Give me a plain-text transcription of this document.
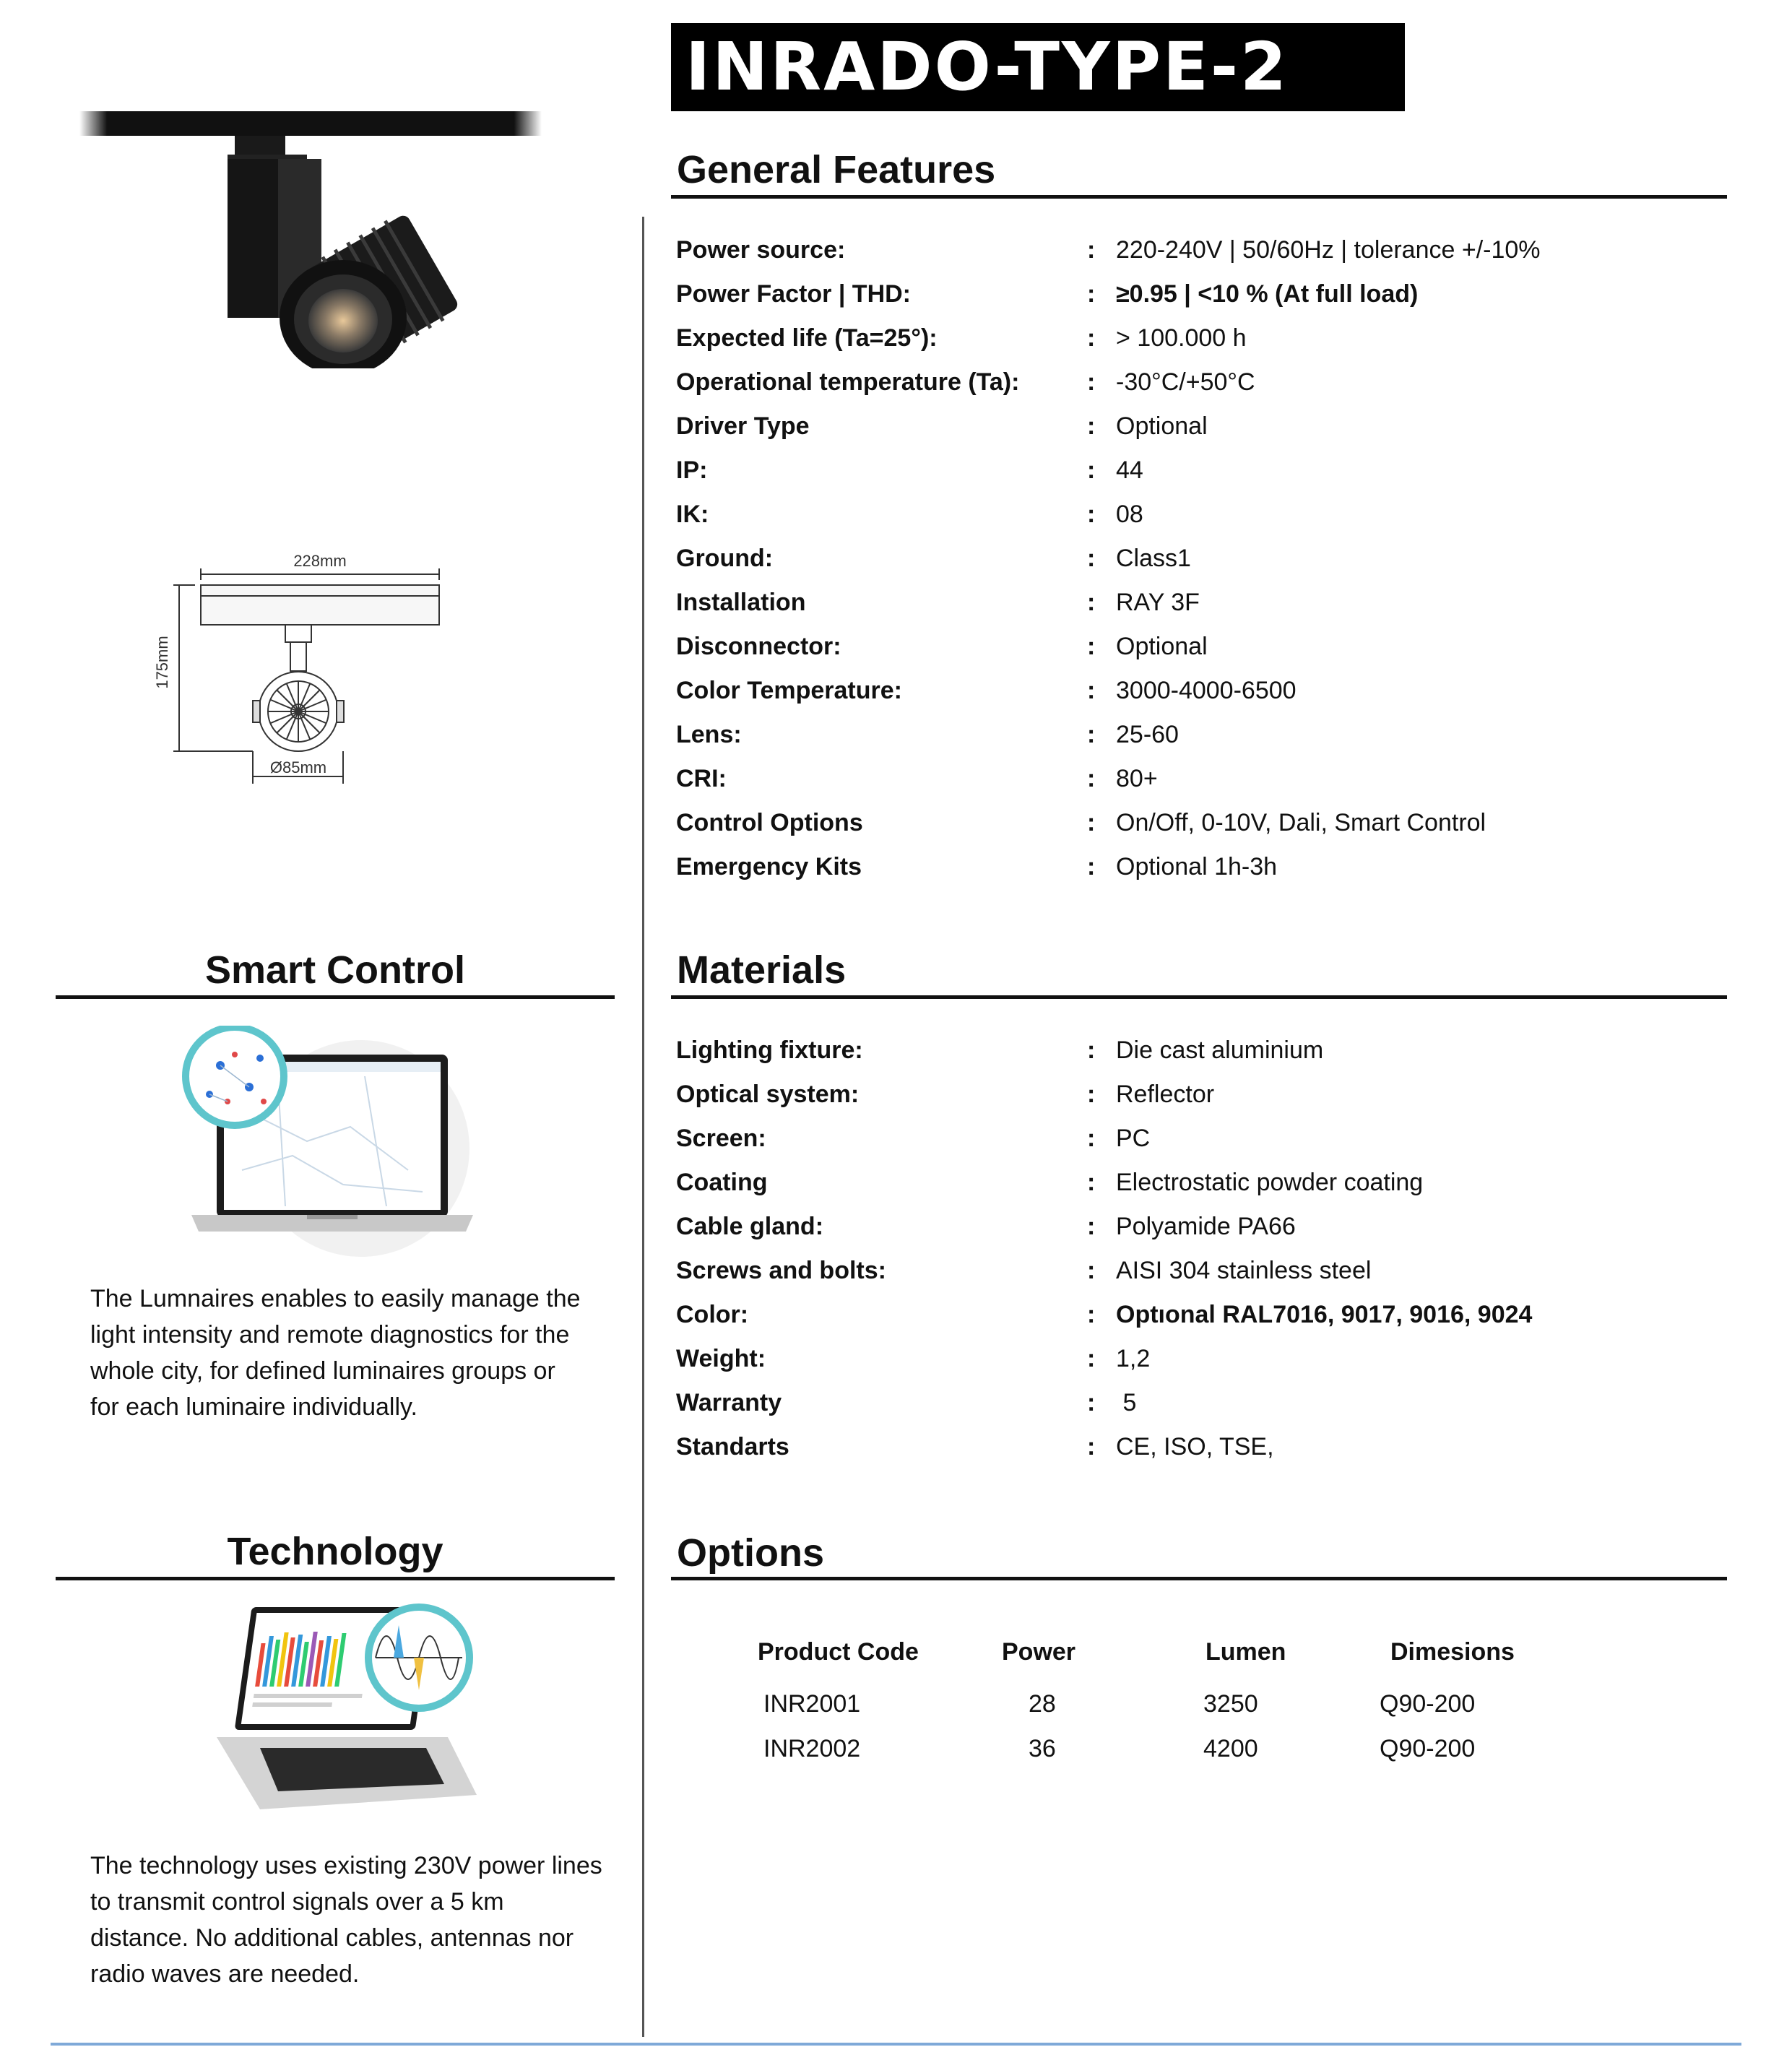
INRADO-TYPE-2
228mm
175mm
Ø85mm
General Features
Power source:	: 220-240V | 50/60Hz | tolerance +/-10%
Power Factor | THD:	: ≥0.95 | <10 % (At full load)
Expected life (Ta=25°):	: > 100.000 h
Operational temperature (Ta):	: -30°C/+50°C
Driver Type	: Optional
IP:	: 44
IK:	: 08
Ground:	: Class1
Installation	: RAY 3F
Disconnector:	: Optional
Color Temperature:	: 3000-4000-6500
Lens:	: 25-60
CRI:	: 80+
Control Options	: On/Off, 0-10V, Dali, Smart Control
Emergency Kits	: Optional 1h-3h
Materials
Lighting fixture:	: Die cast aluminium
Optical system:	: Reflector
Screen:	: PC
Coating	: Electrostatic powder coating
Cable gland:	: Polyamide PA66
Screws and bolts:	: AISI 304 stainless steel
Color:	: Optıonal RAL7016, 9017, 9016, 9024
Weight:	: 1,2
Warranty	: 5
Standarts	: CE, ISO, TSE,
Options
Product Code	Power	Lumen	Dimesions
INR2001	28	3250	Q90-200
INR2002	36	4200	Q90-200
Smart Control
The Lumnaires enables to easily manage the
light intensity and remote diagnostics for the
whole city, for defined luminaires groups or
for each luminaire individually.
Technology
The technology uses existing 230V power lines
to transmit control signals over a 5 km
distance. No additional cables, antennas nor
radio waves are needed.
